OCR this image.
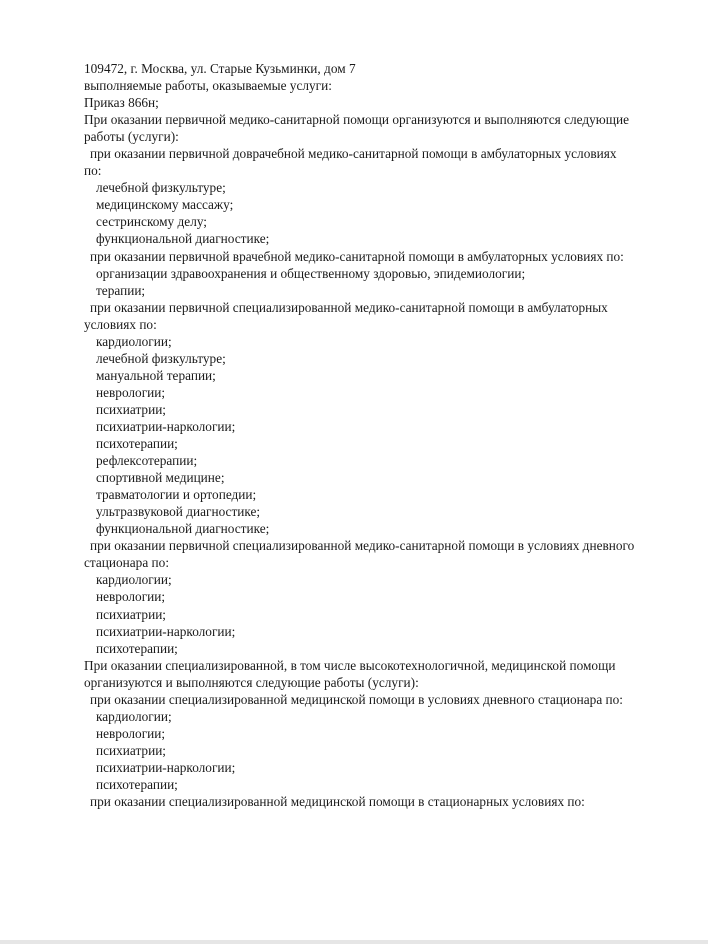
109472, г. Москва, ул. Старые Кузьминки, дом 7

выполняемые работы, оказываемые услуги:

Приказ 866н;

При оказании первичной медико-санитарной помощи организуются и выполняются следующие

работы (услуги):

при оказании первичной доврачебной медико-санитарной помощи в амбулаторных условиях

по:

лечебной физкультуре;

медицинскому массажу;

сестринскому делу;

функциональной диагностике;

при оказании первичной врачебной медико-санитарной помощи в амбулаторных условиях по:

организации здравоохранения и общественному здоровью, эпидемиологии;

терапии;

при оказании первичной специализированной медико-санитарной помощи в амбулаторных

условиях по:

кардиологии;

лечебной физкультуре;

мануальной терапии;

неврологии;

психиатрии;

психиатрии-наркологии;

психотерапии;

рефлексотерапии;

спортивной медицине;

травматологии и ортопедии;

ультразвуковой диагностике;

функциональной диагностике;

при оказании первичной специализированной медико-санитарной помощи в условиях дневного

стационара по:

кардиологии;

неврологии;

психиатрии;

психиатрии-наркологии;

психотерапии;

При оказании специализированной, в том числе высокотехнологичной, медицинской помощи

организуются и выполняются следующие работы (услуги):

при оказании специализированной медицинской помощи в условиях дневного стационара по:

кардиологии;

неврологии;

психиатрии;

психиатрии-наркологии;

психотерапии;

при оказании специализированной медицинской помощи в стационарных условиях по:
